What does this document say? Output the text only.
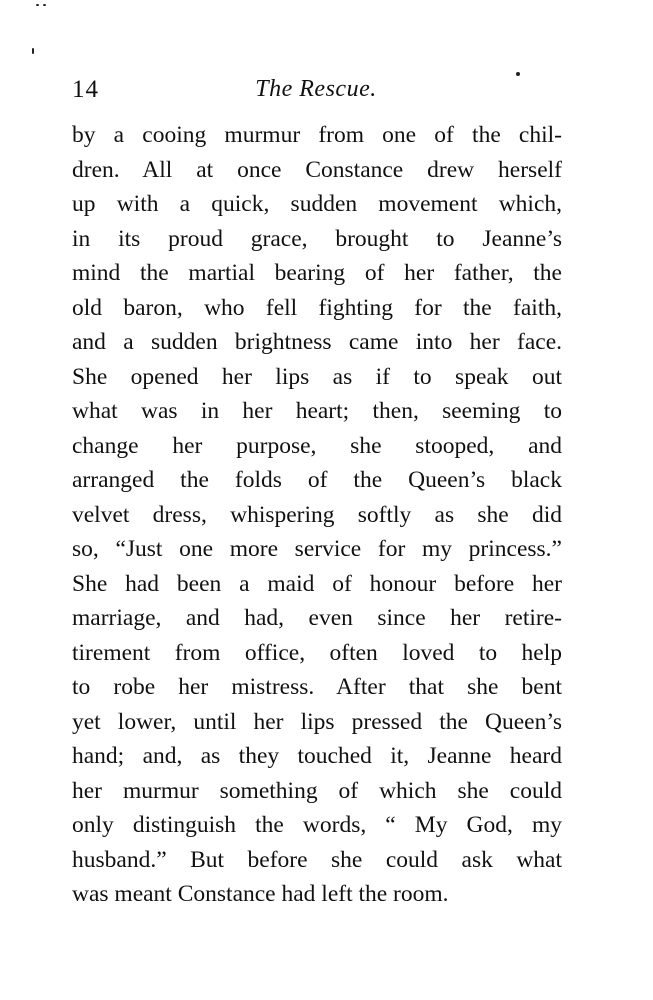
14	The Rescue.
by a cooing murmur from one of the chil-
dren. All at once Constance drew herself
up with a quick, sudden movement which,
in its proud grace, brought to Jeanne’s
mind the martial bearing of her father, the
old baron, who fell fighting for the faith,
and a sudden brightness came into her face.
She opened her lips as if to speak out
what was in her heart; then, seeming to
change her purpose, she stooped, and
arranged the folds of the Queen’s black
velvet dress, whispering softly as she did
so, “Just one more service for my princess.”
She had been a maid of honour before her
marriage, and had, even since her retire-
tirement from office, often loved to help
to robe her mistress. After that she bent
yet lower, until her lips pressed the Queen’s
hand; and, as they touched it, Jeanne heard
her murmur something of which she could
only distinguish the words, “ My God, my
husband.” But before she could ask what
was meant Constance had left the room.
